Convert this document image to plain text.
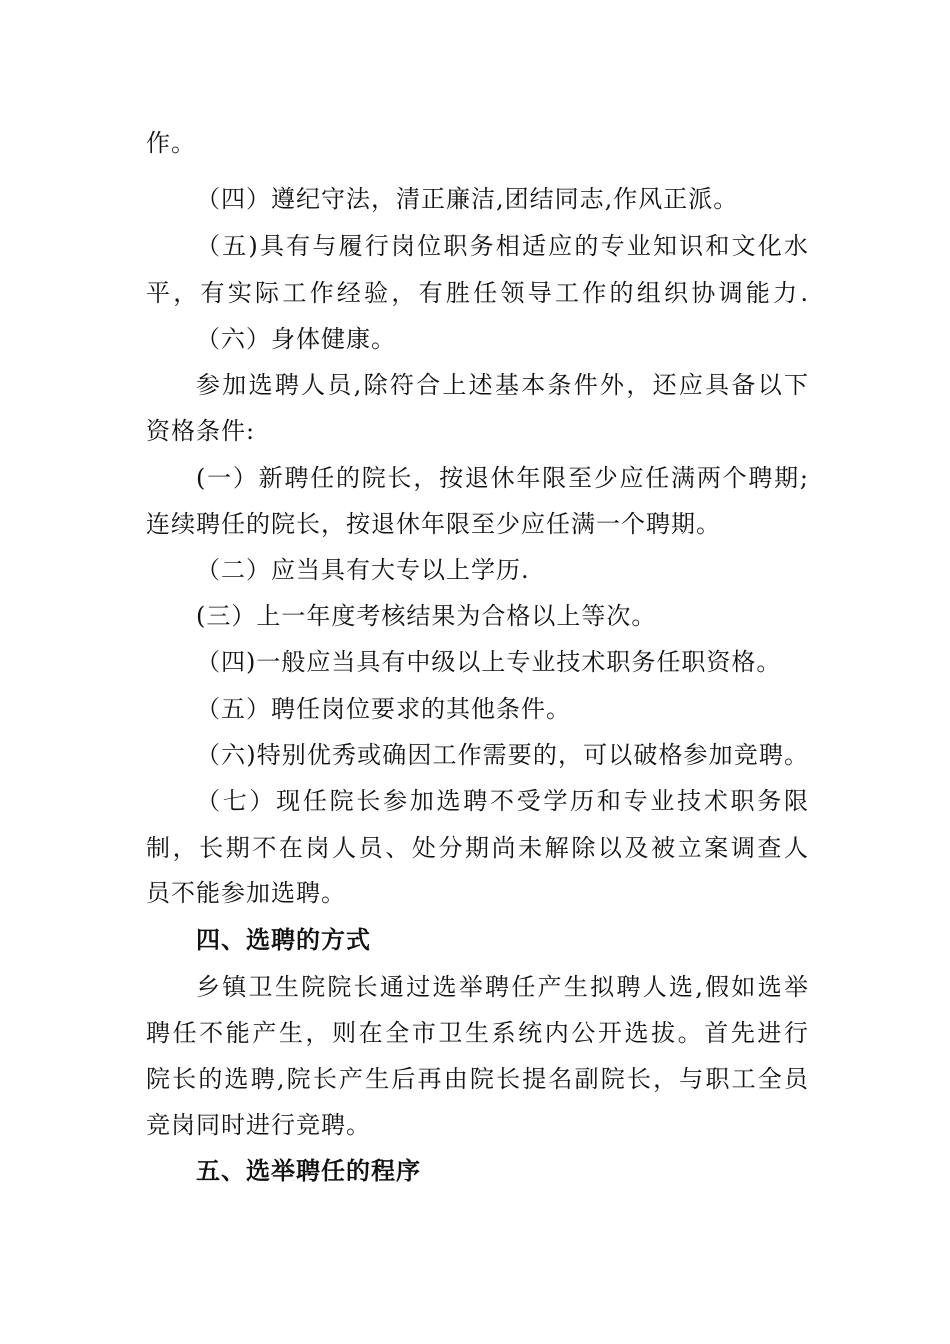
作。
（四）遵纪守法，清正廉洁,团结同志,作风正派。
（五)具有与履行岗位职务相适应的专业知识和文化水
平，有实际工作经验，有胜任领导工作的组织协调能力.
（六）身体健康。
参加选聘人员,除符合上述基本条件外，还应具备以下
资格条件:
(一）新聘任的院长，按退休年限至少应任满两个聘期;
连续聘任的院长，按退休年限至少应任满一个聘期。
（二）应当具有大专以上学历.
(三）上一年度考核结果为合格以上等次。
（四)一般应当具有中级以上专业技术职务任职资格。
（五）聘任岗位要求的其他条件。
（六)特别优秀或确因工作需要的，可以破格参加竞聘。
（七）现任院长参加选聘不受学历和专业技术职务限
制，长期不在岗人员、处分期尚未解除以及被立案调查人
员不能参加选聘。
四、选聘的方式
乡镇卫生院院长通过选举聘任产生拟聘人选,假如选举
聘任不能产生，则在全市卫生系统内公开选拔。首先进行
院长的选聘,院长产生后再由院长提名副院长，与职工全员
竞岗同时进行竞聘。
五、选举聘任的程序
